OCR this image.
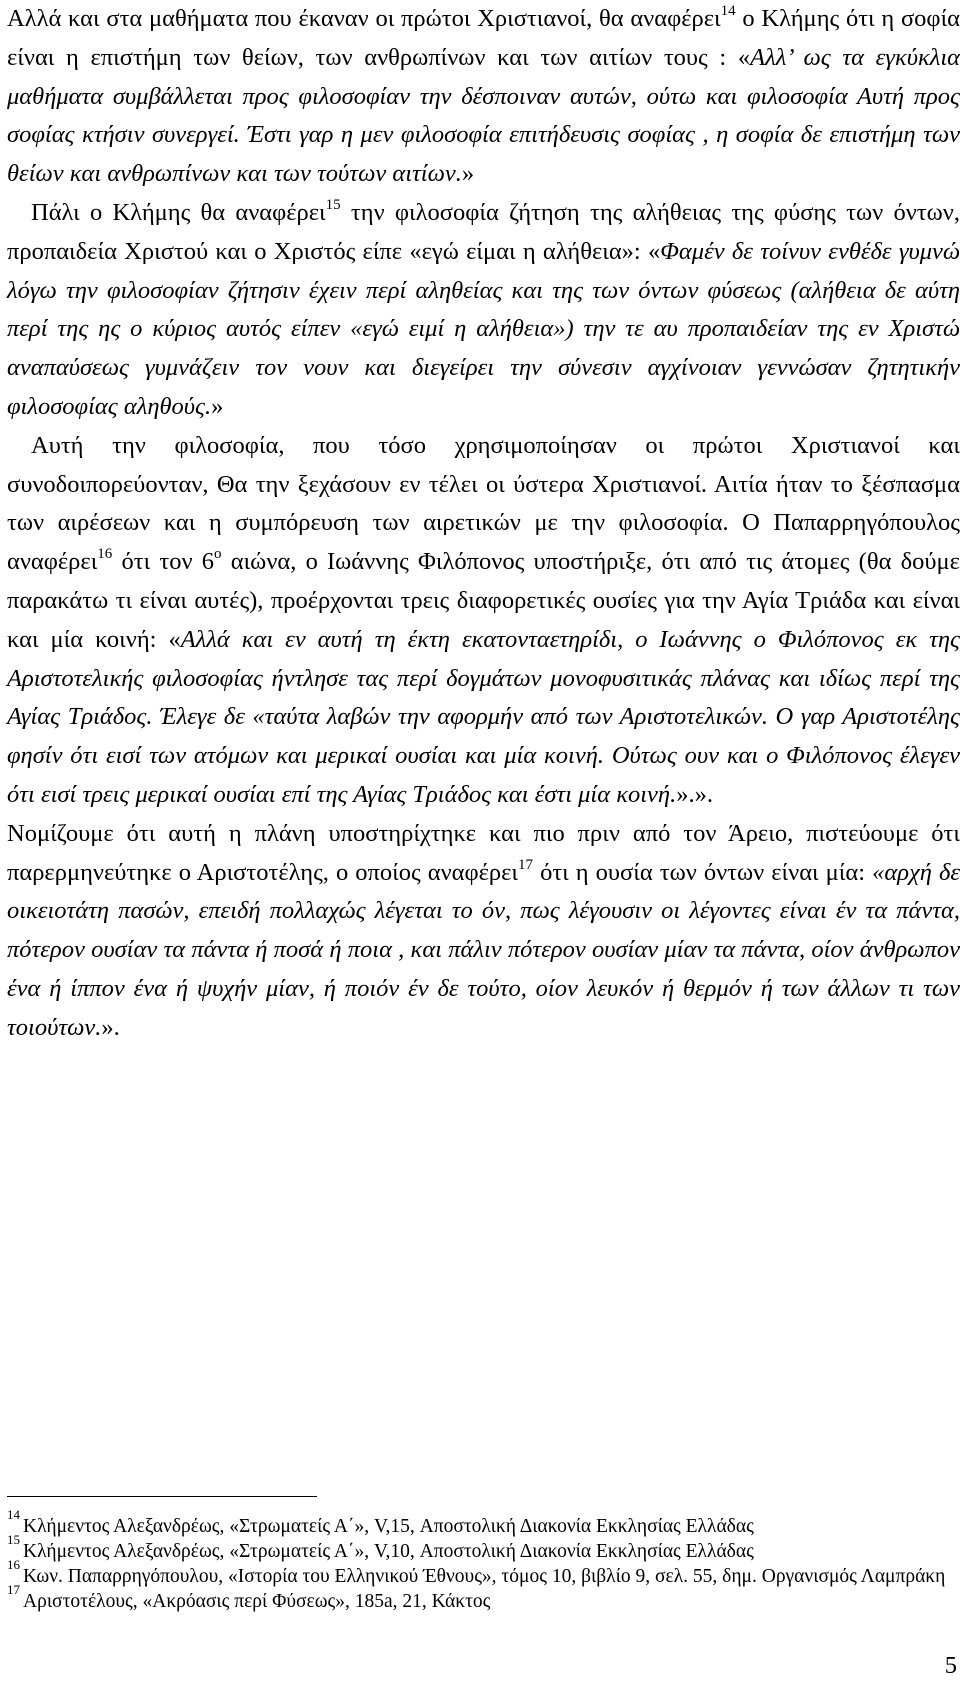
Αλλά και στα μαθήματα που έκαναν οι πρώτοι Χριστιανοί, θα αναφέρει$^{14}$ ο Κλήμης ότι η σοφία είναι η επιστήμη των θείων, των ανθρωπίνων και των αιτίων τους : «Αλλ’ ως τα εγκύκλια μαθήματα συμβάλλεται προς φιλοσοφίαν την δέσποιναν αυτών, ούτω και φιλοσοφία Αυτή προς σοφίας κτήσιν συνεργεί. Έστι γαρ η μεν φιλοσοφία επιτήδευσις σοφίας , η σοφία δε επιστήμη των θείων και ανθρωπίνων και των τούτων αιτίων.»

Πάλι ο Κλήμης θα αναφέρει$^{15}$ την φιλοσοφία ζήτηση της αλήθειας της φύσης των όντων, προπαιδεία Χριστού και ο Χριστός είπε «εγώ είμαι η αλήθεια»: «Φαμέν δε τοίνυν ενθέδε γυμνώ λόγω την φιλοσοφίαν ζήτησιν έχειν περί αληθείας και της των όντων φύσεως (αλήθεια δε αύτη περί της ης ο κύριος αυτός είπεν «εγώ ειμί η αλήθεια») την τε αυ προπαιδείαν της εν Χριστώ αναπαύσεως γυμνάζειν τον νουν και διεγείρει την σύνεσιν αγχίνοιαν γεννώσαν ζητητικήν φιλοσοφίας αληθούς.»

Αυτή την φιλοσοφία, που τόσο χρησιμοποίησαν οι πρώτοι Χριστιανοί και συνοδοιπορεύονταν, Θα την ξεχάσουν εν τέλει οι ύστερα Χριστιανοί. Αιτία ήταν το ξέσπασμα των αιρέσεων και η συμπόρευση των αιρετικών με την φιλοσοφία. Ο Παπαρρηγόπουλος αναφέρει$^{16}$ ότι τον $6^o$ αιώνα, ο Ιωάννης Φιλόπονος υποστήριξε, ότι από τις άτομες (θα δούμε παρακάτω τι είναι αυτές), προέρχονται τρεις διαφορετικές ουσίες για την Αγία Τριάδα και είναι και μία κοινή: «Αλλά και εν αυτή τη έκτη εκατονταετηρίδι, ο Ιωάννης ο Φιλόπονος εκ της Αριστοτελικής φιλοσοφίας ήντλησε τας περί δογμάτων μονοφυσιτικάς πλάνας και ιδίως περί της Αγίας Τριάδος. Έλεγε δε «ταύτα λαβών την αφορμήν από των Αριστοτελικών. Ο γαρ Αριστοτέλης φησίν ότι εισί των ατόμων και μερικαί ουσίαι και μία κοινή. Ούτως ουν και ο Φιλόπονος έλεγεν ότι εισί τρεις μερικαί ουσίαι επί της Αγίας Τριάδος και έστι μία κοινή.».».

Νομίζουμε ότι αυτή η πλάνη υποστηρίχτηκε και πιο πριν από τον Άρειο, πιστεύουμε ότι παρερμηνεύτηκε ο Αριστοτέλης, ο οποίος αναφέρει$^{17}$ ότι η ουσία των όντων είναι μία: «αρχή δε οικειοτάτη πασών, επειδή πολλαχώς λέγεται το όν, πως λέγουσιν οι λέγοντες είναι έν τα πάντα, πότερον ουσίαν τα πάντα ή ποσά ή ποια , και πάλιν πότερον ουσίαν μίαν τα πάντα, οίον άνθρωπον ένα ή ίππον ένα ή ψυχήν μίαν, ή ποιόν έν δε τούτο, οίον λευκόν ή θερμόν ή των άλλων τι των τοιούτων.».

$^{14}$Κλήμεντος Αλεξανδρέως, «Στρωματείς Α΄», V,15, Αποστολική Διακονία Εκκλησίας Ελλάδας

$^{15}$Κλήμεντος Αλεξανδρέως, «Στρωματείς Α΄», V,10, Αποστολική Διακονία Εκκλησίας Ελλάδας

$^{16}$Κων. Παπαρρηγόπουλου, «Ιστορία του Ελληνικού Έθνους», τόμος 10, βιβλίο 9, σελ. 55, δημ. Οργανισμός Λαμπράκη

$^{17}$Αριστοτέλους, «Ακρόασις περί Φύσεως», 185a, 21, Κάκτος

5
